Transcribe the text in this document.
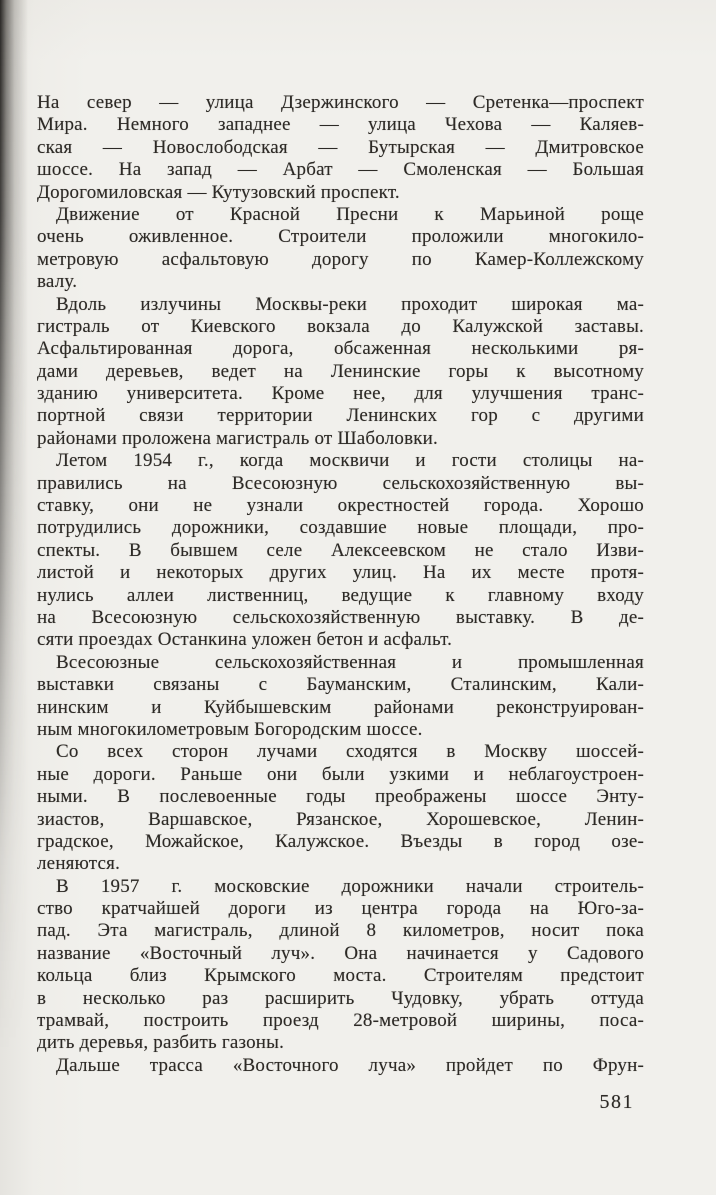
На север — улица Дзержинского — Сретенка—проспект
Мира. Немного западнее — улица Чехова — Каляев-
ская — Новослободская — Бутырская — Дмитровское
шоссе. На запад — Арбат — Смоленская — Большая
Дорогомиловская — Кутузовский проспект.
Движение от Красной Пресни к Марьиной роще
очень оживленное. Строители проложили многокило-
метровую асфальтовую дорогу по Камер-Коллежскому
валу.
Вдоль излучины Москвы-реки проходит широкая ма-
гистраль от Киевского вокзала до Калужской заставы.
Асфальтированная дорога, обсаженная несколькими ря-
дами деревьев, ведет на Ленинские горы к высотному
зданию университета. Кроме нее, для улучшения транс-
портной связи территории Ленинских гор с другими
районами проложена магистраль от Шаболовки.
Летом 1954 г., когда москвичи и гости столицы на-
правились на Всесоюзную сельскохозяйственную вы-
ставку, они не узнали окрестностей города. Хорошо
потрудились дорожники, создавшие новые площади, про-
спекты. В бывшем селе Алексеевском не стало Изви-
листой и некоторых других улиц. На их месте протя-
нулись аллеи лиственниц, ведущие к главному входу
на Всесоюзную сельскохозяйственную выставку. В де-
сяти проездах Останкина уложен бетон и асфальт.
Всесоюзные сельскохозяйственная и промышленная
выставки связаны с Бауманским, Сталинским, Кали-
нинским и Куйбышевским районами реконструирован-
ным многокилометровым Богородским шоссе.
Со всех сторон лучами сходятся в Москву шоссей-
ные дороги. Раньше они были узкими и неблагоустроен-
ными. В послевоенные годы преображены шоссе Энту-
зиастов, Варшавское, Рязанское, Хорошевское, Ленин-
градское, Можайское, Калужское. Въезды в город озе-
леняются.
В 1957 г. московские дорожники начали строитель-
ство кратчайшей дороги из центра города на Юго-за-
пад. Эта магистраль, длиной 8 километров, носит пока
название «Восточный луч». Она начинается у Садового
кольца близ Крымского моста. Строителям предстоит
в несколько раз расширить Чудовку, убрать оттуда
трамвай, построить проезд 28-метровой ширины, поса-
дить деревья, разбить газоны.
Дальше трасса «Восточного луча» пройдет по Фрун-
581
